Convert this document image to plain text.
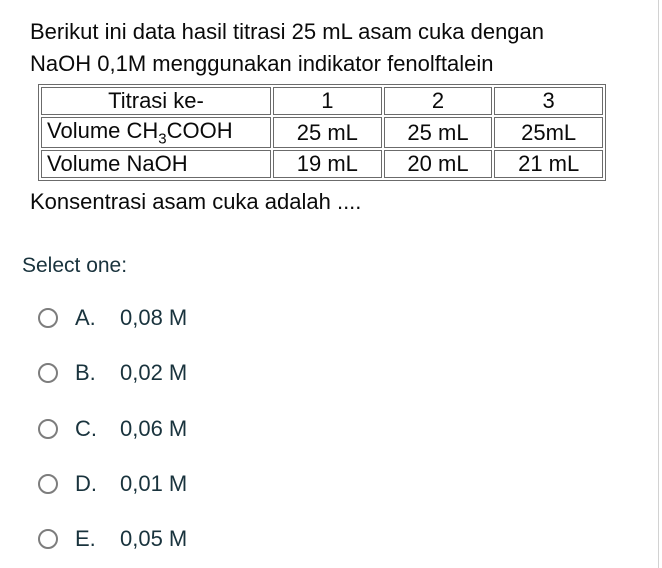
Berikut ini data hasil titrasi 25 mL asam cuka dengan

NaOH 0,1M menggunakan indikator fenolftalein

Titrasi ke-	1	2	3
Volume $CH_3COOH$	25 mL	25 mL	25mL
Volume NaOH	19 mL	20 mL	21 mL

Konsentrasi asam cuka adalah ....

Select one:
A.	0,08 M
B.	0,02 M
C.	0,06 M
D.	0,01 M
E.	0,05 M
